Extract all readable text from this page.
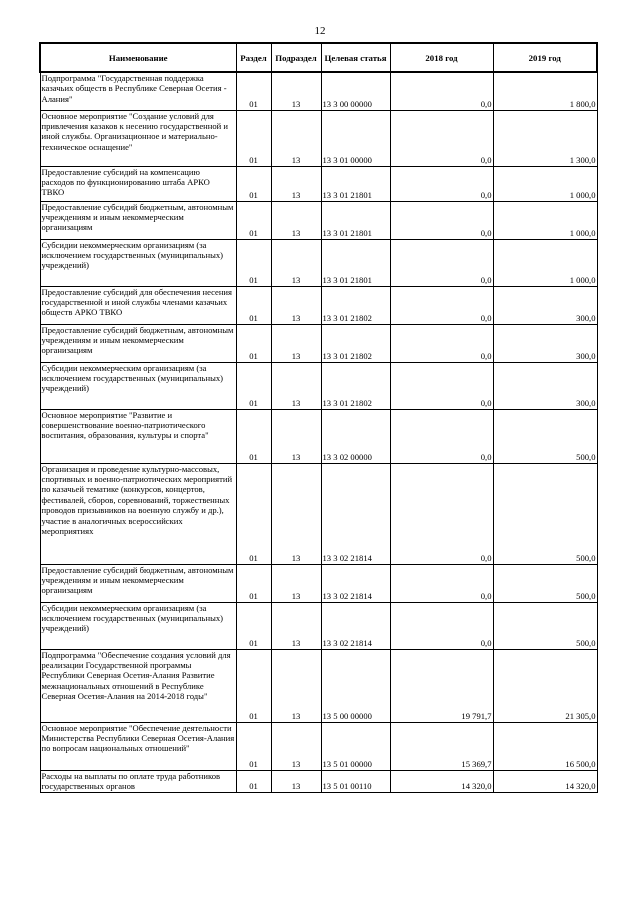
12
Наименование	Раздел	Подраздел	Целевая статья	2018 год	2019 год
Подпрограмма "Государственная поддержка казачьих обществ в Республике Северная Осетия - Алания"	01	13	13 3 00 00000	0,0	1 800,0
Основное мероприятие "Создание условий для привлечения казаков к несению государственной и иной службы. Организационное и материально-техническое оснащение"	01	13	13 3 01 00000	0,0	1 300,0
Предоставление субсидий на компенсацию расходов по функционированию штаба АРКО ТВКО	01	13	13 3 01 21801	0,0	1 000,0
Предоставление субсидий бюджетным, автономным учреждениям и иным некоммерческим организациям	01	13	13 3 01 21801	0,0	1 000,0
Субсидии некоммерческим организациям (за исключением государственных (муниципальных) учреждений)	01	13	13 3 01 21801	0,0	1 000,0
Предоставление субсидий для обеспечения несения государственной и иной службы членами казачьих обществ АРКО ТВКО	01	13	13 3 01 21802	0,0	300,0
Предоставление субсидий бюджетным, автономным учреждениям и иным некоммерческим организациям	01	13	13 3 01 21802	0,0	300,0
Субсидии некоммерческим организациям (за исключением государственных (муниципальных) учреждений)	01	13	13 3 01 21802	0,0	300,0
Основное мероприятие "Развитие и совершенствование военно-патриотического воспитания, образования, культуры и спорта"	01	13	13 3 02 00000	0,0	500,0
Организация и проведение культурно-массовых, спортивных и военно-патриотических мероприятий по казачьей тематике (конкурсов, концертов, фестивалей, сборов, соревнований, торжественных проводов призывников на военную службу и др.), участие в аналогичных всероссийских мероприятиях	01	13	13 3 02 21814	0,0	500,0
Предоставление субсидий бюджетным, автономным учреждениям и иным некоммерческим организациям	01	13	13 3 02 21814	0,0	500,0
Субсидии некоммерческим организациям (за исключением государственных (муниципальных) учреждений)	01	13	13 3 02 21814	0,0	500,0
Подпрограмма "Обеспечение создания условий для реализации Государственной программы Республики Северная Осетия-Алания Развитие межнациональных отношений в Республике Северная Осетия-Алания на 2014-2018 годы"	01	13	13 5 00 00000	19 791,7	21 305,0
Основное мероприятие "Обеспечение деятельности Министерства Республики Северная Осетия-Алания по вопросам национальных отношений"	01	13	13 5 01 00000	15 369,7	16 500,0
Расходы на выплаты по оплате труда работников государственных органов	01	13	13 5 01 00110	14 320,0	14 320,0
